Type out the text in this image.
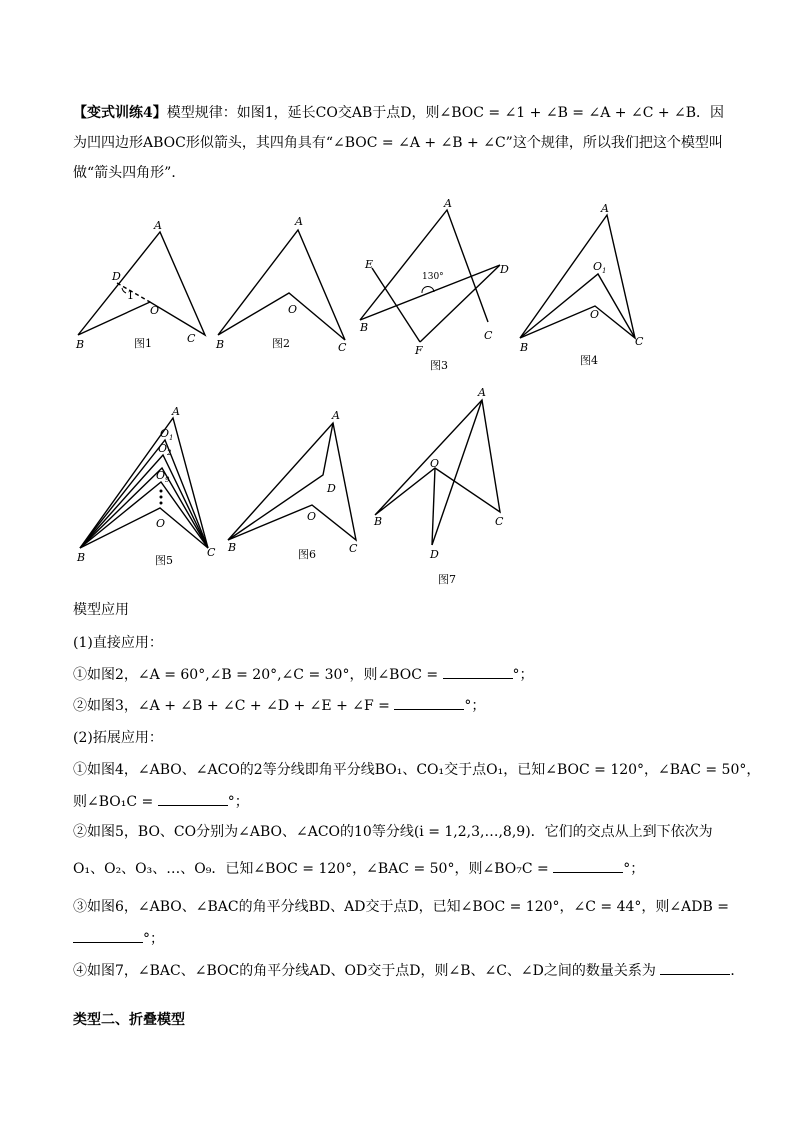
【变式训练4】模型规律：如图1，延长CO交AB于点D，则∠BOC = ∠1 + ∠B = ∠A + ∠C + ∠B．因为凹四边形ABOC形似箭头，其四角具有“∠BOC = ∠A + ∠B + ∠C”这个规律，所以我们把这个模型叫做“箭头四角形”．
A
D
1
O
B	C
图1
A
O
B	C
图2
A
E	D
130°
B
C
F
图3
A
O 1
O
B	C
图4
A
O 1
O 2
O 9
O
B	C
图5
A
D
O
B	C
图6
A
O
B	C
D
图7
模型应用
(1)直接应用：
①如图2，∠A = 60°,∠B = 20°,∠C = 30°，则∠BOC =	°；
②如图3，∠A + ∠B + ∠C + ∠D + ∠E + ∠F =	°；
(2)拓展应用：
①如图4，∠ABO、∠ACO的2等分线即角平分线BO₁、CO₁交于点O₁，已知∠BOC = 120°，∠BAC = 50°，
则∠BO₁C =	°；
②如图5，BO、CO分别为∠ABO、∠ACO的10等分线(i = 1,2,3,…,8,9)．它们的交点从上到下依次为
O₁、O₂、O₃、…、O₉．已知∠BOC = 120°，∠BAC = 50°，则∠BO₇C =	°；
③如图6，∠ABO、∠BAC的角平分线BD、AD交于点D，已知∠BOC = 120°，∠C = 44°，则∠ADB =
°；
④如图7，∠BAC、∠BOC的角平分线AD、OD交于点D，则∠B、∠C、∠D之间的数量关系为	．
类型二、折叠模型
